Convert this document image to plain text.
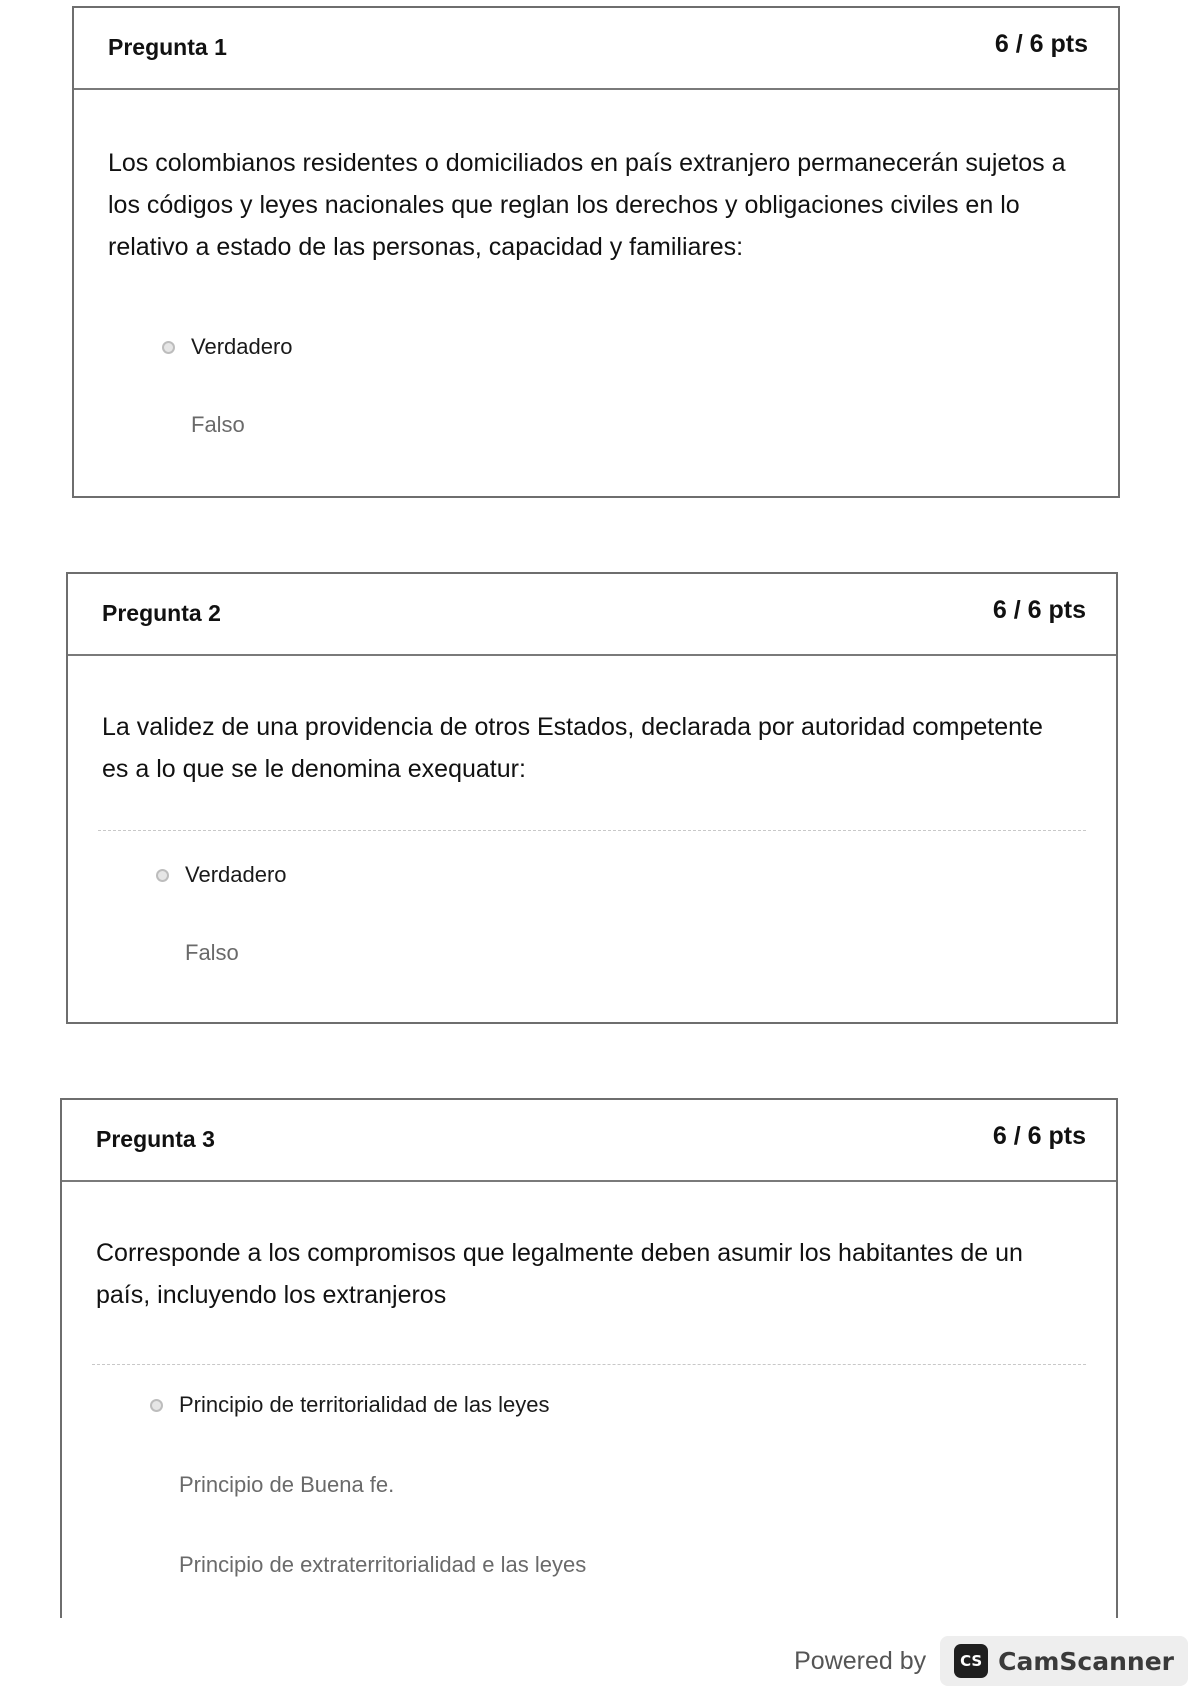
Pregunta 1	6 / 6 pts
Los colombianos residentes o domiciliados en país extranjero permanecerán sujetos a los códigos y leyes nacionales que reglan los derechos y obligaciones civiles en lo relativo a estado de las personas, capacidad y familiares:
Verdadero
Falso
Pregunta 2	6 / 6 pts
La validez de una providencia de otros Estados, declarada por autoridad competente es a lo que se le denomina exequatur:
Verdadero
Falso
Pregunta 3	6 / 6 pts
Corresponde a los compromisos que legalmente deben asumir los habitantes de un país, incluyendo los extranjeros
Principio de territorialidad de las leyes
Principio de Buena fe.
Principio de extraterritorialidad e las leyes
Powered by	CS CamScanner
